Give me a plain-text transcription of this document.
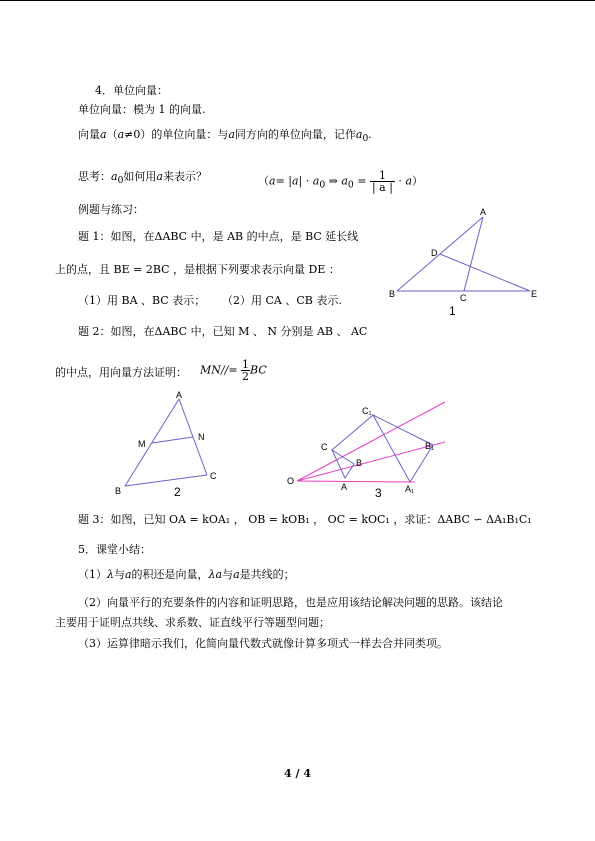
4．单位向量：
单位向量：模为 1 的向量.
向量a（a≠0）的单位向量：与a同方向的单位向量，记作$a_0$.
思考：$a_0$如何用a来表示？	（$a= |a| \cdot a_0$ ⇒ $a_0 = \frac{1}{| a |} \cdot a$）
例题与练习：
题 1：如图，在ΔABC 中，是 AB 的中点，是 BC 延长线
上的点，且 BE = 2BC ，是根据下列要求表示向量 DE ：
（1）用 BA 、BC 表示； （2）用 CA 、CB 表示.
题 2：如图，在ΔABC 中，已知 M 、 N 分别是 AB 、 AC
的中点，用向量方法证明： $MN//= \frac{1}{2}$ BC
A
D
B	C	E
1
A
M
N
B
C
2
C₁
C	B₁
B
O
A	A₁
3
题 3：如图，已知 OA = kOA₁ ， OB = kOB₁ ， OC = kOC₁ ，求证：ΔABC ∽ ΔA₁B₁C₁
5．课堂小结：
（1）λ与a的积还是向量，λa与a是共线的；
（2）向量平行的充要条件的内容和证明思路，也是应用该结论解决问题的思路。该结论
主要用于证明点共线、求系数、证直线平行等题型问题；
（3）运算律暗示我们，化简向量代数式就像计算多项式一样去合并同类项。
4 / 4
